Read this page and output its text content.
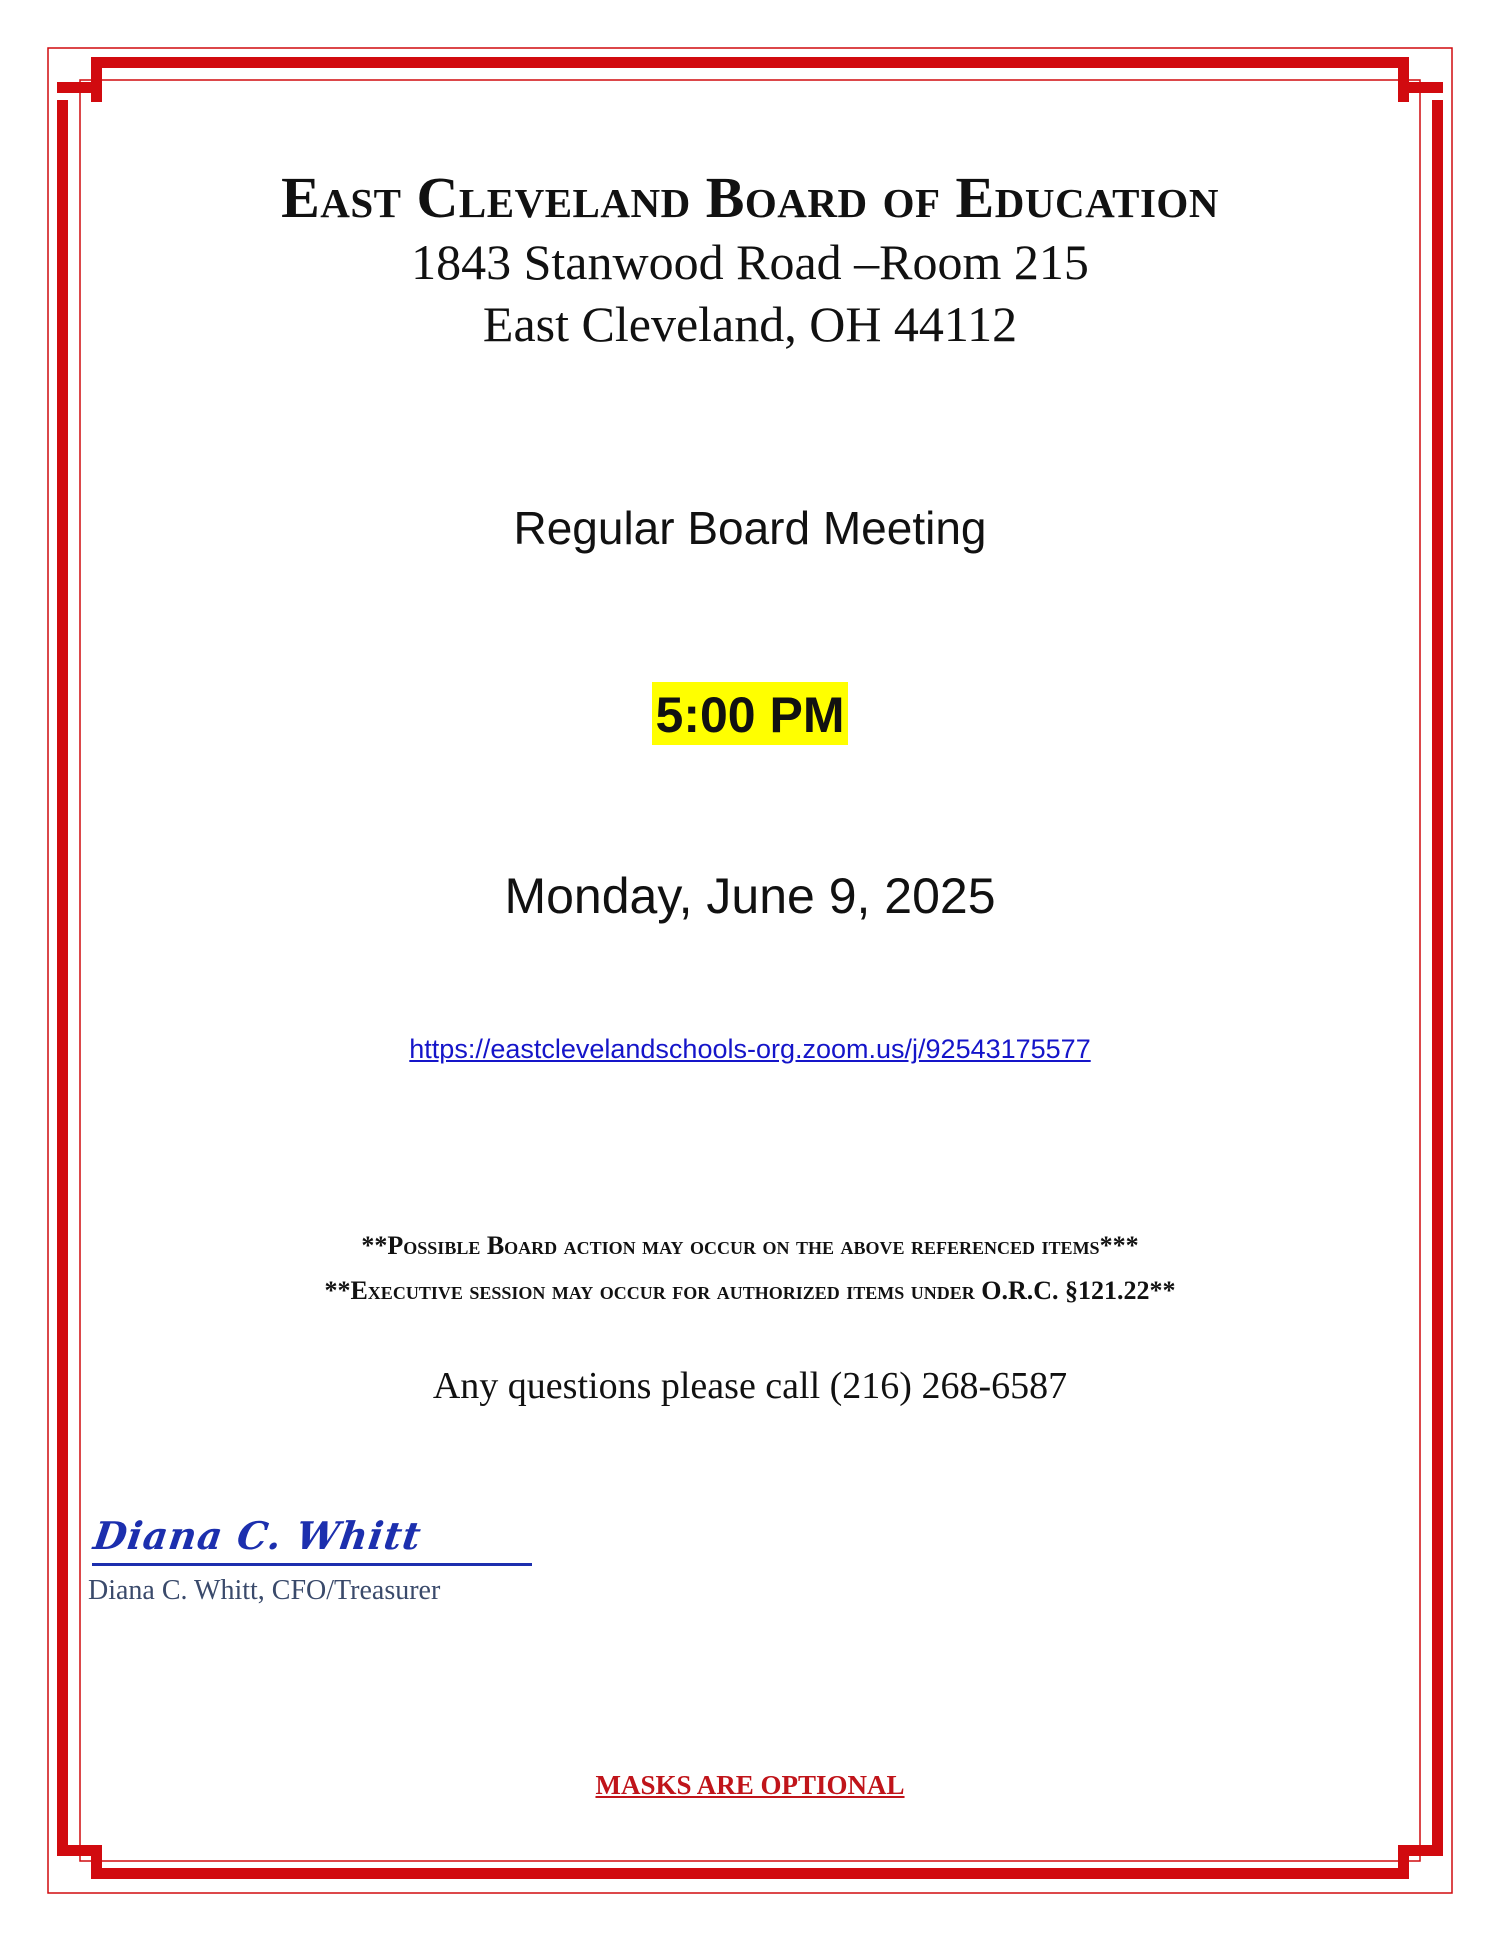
East Cleveland Board of Education
1843 Stanwood Road –Room 215
East Cleveland, OH 44112
Regular Board Meeting
5:00 PM
Monday, June 9, 2025
https://eastclevelandschools-org.zoom.us/j/92543175577
**Possible Board action may occur on the above referenced items***
**Executive session may occur for authorized items under O.R.C. §121.22**
Any questions please call (216) 268-6587
Diana C. Whitt
Diana C. Whitt, CFO/Treasurer
MASKS ARE OPTIONAL
